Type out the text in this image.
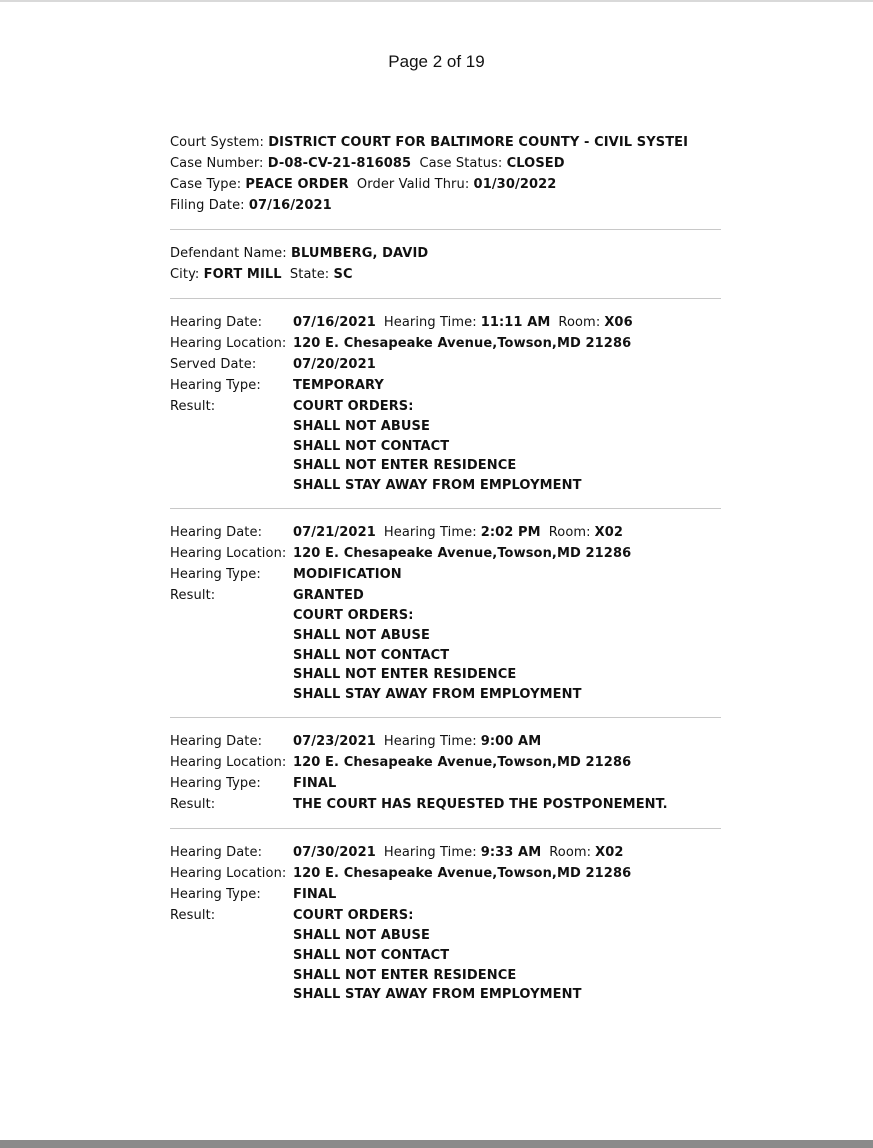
Page 2 of 19
Court System: DISTRICT COURT FOR BALTIMORE COUNTY - CIVIL SYSTEI
Case Number: D-08-CV-21-816085 Case Status: CLOSED
Case Type: PEACE ORDER Order Valid Thru: 01/30/2022
Filing Date: 07/16/2021
Defendant Name: BLUMBERG, DAVID
City: FORT MILL State: SC
Hearing Date:	07/16/2021 Hearing Time: 11:11 AM Room: X06
Hearing Location: 120 E. Chesapeake Avenue,Towson,MD 21286
Served Date:	07/20/2021
Hearing Type:	TEMPORARY
Result:	COURT ORDERS:
SHALL NOT ABUSE
SHALL NOT CONTACT
SHALL NOT ENTER RESIDENCE
SHALL STAY AWAY FROM EMPLOYMENT
Hearing Date:	07/21/2021 Hearing Time: 2:02 PM Room: X02
Hearing Location: 120 E. Chesapeake Avenue,Towson,MD 21286
Hearing Type:	MODIFICATION
Result:	GRANTED
COURT ORDERS:
SHALL NOT ABUSE
SHALL NOT CONTACT
SHALL NOT ENTER RESIDENCE
SHALL STAY AWAY FROM EMPLOYMENT
Hearing Date:	07/23/2021 Hearing Time: 9:00 AM
Hearing Location: 120 E. Chesapeake Avenue,Towson,MD 21286
Hearing Type:	FINAL
Result:	THE COURT HAS REQUESTED THE POSTPONEMENT.
Hearing Date:	07/30/2021 Hearing Time: 9:33 AM Room: X02
Hearing Location: 120 E. Chesapeake Avenue,Towson,MD 21286
Hearing Type:	FINAL
Result:	COURT ORDERS:
SHALL NOT ABUSE
SHALL NOT CONTACT
SHALL NOT ENTER RESIDENCE
SHALL STAY AWAY FROM EMPLOYMENT
